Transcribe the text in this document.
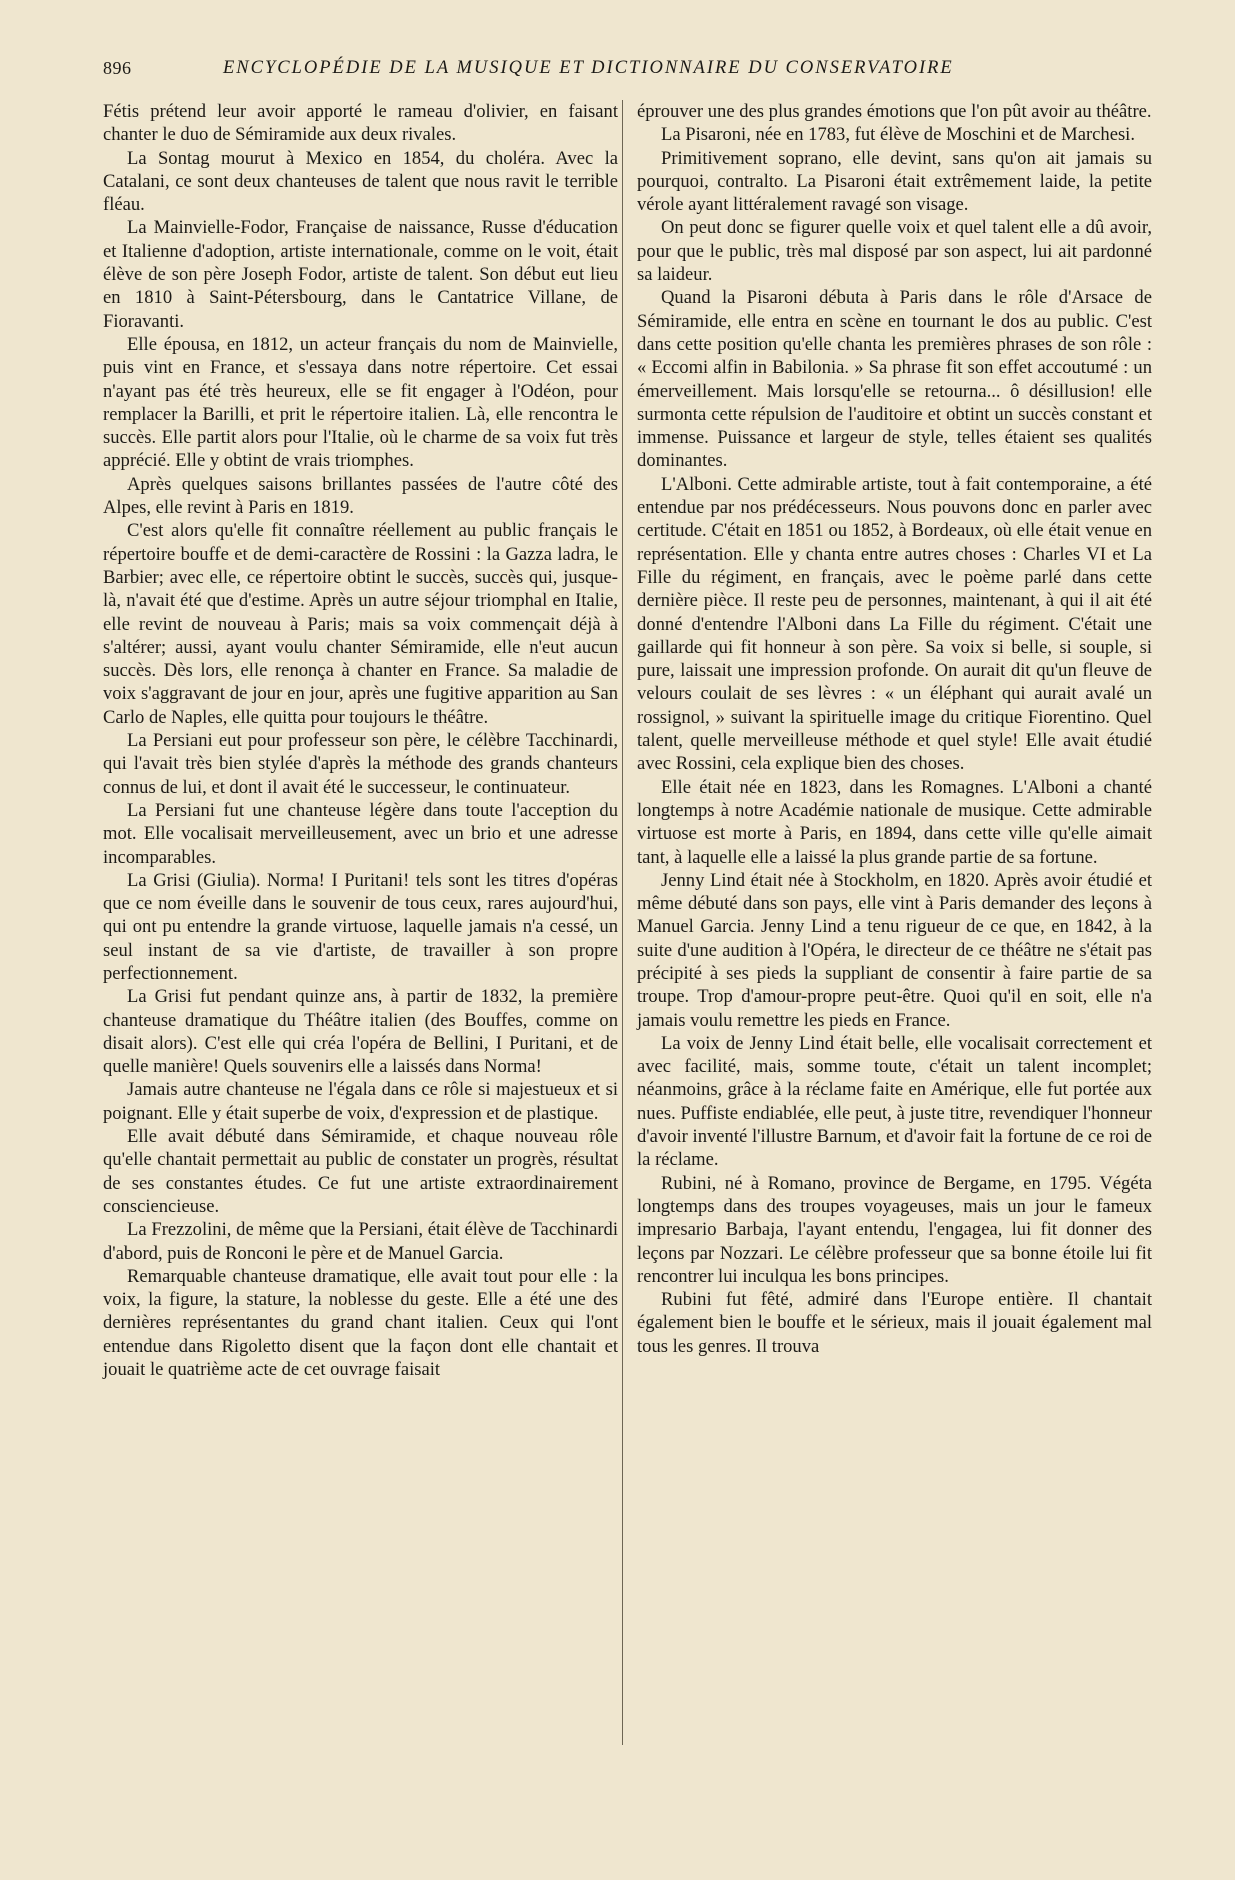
896	ENCYCLOPÉDIE DE LA MUSIQUE ET DICTIONNAIRE DU CONSERVATOIRE

Fétis prétend leur avoir apporté le rameau d'olivier, en faisant chanter le duo de Sémiramide aux deux rivales.

La Sontag mourut à Mexico en 1854, du choléra. Avec la Catalani, ce sont deux chanteuses de talent que nous ravit le terrible fléau.

La Mainvielle-Fodor, Française de naissance, Russe d'éducation et Italienne d'adoption, artiste internationale, comme on le voit, était élève de son père Joseph Fodor, artiste de talent. Son début eut lieu en 1810 à Saint-Pétersbourg, dans le Cantatrice Villane, de Fioravanti.

Elle épousa, en 1812, un acteur français du nom de Mainvielle, puis vint en France, et s'essaya dans notre répertoire. Cet essai n'ayant pas été très heureux, elle se fit engager à l'Odéon, pour remplacer la Barilli, et prit le répertoire italien. Là, elle rencontra le succès. Elle partit alors pour l'Italie, où le charme de sa voix fut très apprécié. Elle y obtint de vrais triomphes.

Après quelques saisons brillantes passées de l'autre côté des Alpes, elle revint à Paris en 1819.

C'est alors qu'elle fit connaître réellement au public français le répertoire bouffe et de demi-caractère de Rossini : la Gazza ladra, le Barbier; avec elle, ce répertoire obtint le succès, succès qui, jusque-là, n'avait été que d'estime. Après un autre séjour triomphal en Italie, elle revint de nouveau à Paris; mais sa voix commençait déjà à s'altérer; aussi, ayant voulu chanter Sémiramide, elle n'eut aucun succès. Dès lors, elle renonça à chanter en France. Sa maladie de voix s'aggravant de jour en jour, après une fugitive apparition au San Carlo de Naples, elle quitta pour toujours le théâtre.

La Persiani eut pour professeur son père, le célèbre Tacchinardi, qui l'avait très bien stylée d'après la méthode des grands chanteurs connus de lui, et dont il avait été le successeur, le continuateur.

La Persiani fut une chanteuse légère dans toute l'acception du mot. Elle vocalisait merveilleusement, avec un brio et une adresse incomparables.

La Grisi (Giulia). Norma! I Puritani! tels sont les titres d'opéras que ce nom éveille dans le souvenir de tous ceux, rares aujourd'hui, qui ont pu entendre la grande virtuose, laquelle jamais n'a cessé, un seul instant de sa vie d'artiste, de travailler à son propre perfectionnement.

La Grisi fut pendant quinze ans, à partir de 1832, la première chanteuse dramatique du Théâtre italien (des Bouffes, comme on disait alors). C'est elle qui créa l'opéra de Bellini, I Puritani, et de quelle manière! Quels souvenirs elle a laissés dans Norma!

Jamais autre chanteuse ne l'égala dans ce rôle si majestueux et si poignant. Elle y était superbe de voix, d'expression et de plastique.

Elle avait débuté dans Sémiramide, et chaque nouveau rôle qu'elle chantait permettait au public de constater un progrès, résultat de ses constantes études. Ce fut une artiste extraordinairement consciencieuse.

La Frezzolini, de même que la Persiani, était élève de Tacchinardi d'abord, puis de Ronconi le père et de Manuel Garcia.

Remarquable chanteuse dramatique, elle avait tout pour elle : la voix, la figure, la stature, la noblesse du geste. Elle a été une des dernières représentantes du grand chant italien. Ceux qui l'ont entendue dans Rigoletto disent que la façon dont elle chantait et jouait le quatrième acte de cet ouvrage faisait

éprouver une des plus grandes émotions que l'on pût avoir au théâtre.

La Pisaroni, née en 1783, fut élève de Moschini et de Marchesi.

Primitivement soprano, elle devint, sans qu'on ait jamais su pourquoi, contralto. La Pisaroni était extrêmement laide, la petite vérole ayant littéralement ravagé son visage.

On peut donc se figurer quelle voix et quel talent elle a dû avoir, pour que le public, très mal disposé par son aspect, lui ait pardonné sa laideur.

Quand la Pisaroni débuta à Paris dans le rôle d'Arsace de Sémiramide, elle entra en scène en tournant le dos au public. C'est dans cette position qu'elle chanta les premières phrases de son rôle : « Eccomi alfin in Babilonia. » Sa phrase fit son effet accoutumé : un émerveillement. Mais lorsqu'elle se retourna... ô désillusion! elle surmonta cette répulsion de l'auditoire et obtint un succès constant et immense. Puissance et largeur de style, telles étaient ses qualités dominantes.

L'Alboni. Cette admirable artiste, tout à fait contemporaine, a été entendue par nos prédécesseurs. Nous pouvons donc en parler avec certitude. C'était en 1851 ou 1852, à Bordeaux, où elle était venue en représentation. Elle y chanta entre autres choses : Charles VI et La Fille du régiment, en français, avec le poème parlé dans cette dernière pièce. Il reste peu de personnes, maintenant, à qui il ait été donné d'entendre l'Alboni dans La Fille du régiment. C'était une gaillarde qui fit honneur à son père. Sa voix si belle, si souple, si pure, laissait une impression profonde. On aurait dit qu'un fleuve de velours coulait de ses lèvres : « un éléphant qui aurait avalé un rossignol, » suivant la spirituelle image du critique Fiorentino. Quel talent, quelle merveilleuse méthode et quel style! Elle avait étudié avec Rossini, cela explique bien des choses.

Elle était née en 1823, dans les Romagnes. L'Alboni a chanté longtemps à notre Académie nationale de musique. Cette admirable virtuose est morte à Paris, en 1894, dans cette ville qu'elle aimait tant, à laquelle elle a laissé la plus grande partie de sa fortune.

Jenny Lind était née à Stockholm, en 1820. Après avoir étudié et même débuté dans son pays, elle vint à Paris demander des leçons à Manuel Garcia. Jenny Lind a tenu rigueur de ce que, en 1842, à la suite d'une audition à l'Opéra, le directeur de ce théâtre ne s'était pas précipité à ses pieds la suppliant de consentir à faire partie de sa troupe. Trop d'amour-propre peut-être. Quoi qu'il en soit, elle n'a jamais voulu remettre les pieds en France.

La voix de Jenny Lind était belle, elle vocalisait correctement et avec facilité, mais, somme toute, c'était un talent incomplet; néanmoins, grâce à la réclame faite en Amérique, elle fut portée aux nues. Puffiste endiablée, elle peut, à juste titre, revendiquer l'honneur d'avoir inventé l'illustre Barnum, et d'avoir fait la fortune de ce roi de la réclame.

Rubini, né à Romano, province de Bergame, en 1795. Végéta longtemps dans des troupes voyageuses, mais un jour le fameux impresario Barbaja, l'ayant entendu, l'engagea, lui fit donner des leçons par Nozzari. Le célèbre professeur que sa bonne étoile lui fit rencontrer lui inculqua les bons principes.

Rubini fut fêté, admiré dans l'Europe entière. Il chantait également bien le bouffe et le sérieux, mais il jouait également mal tous les genres. Il trouva
